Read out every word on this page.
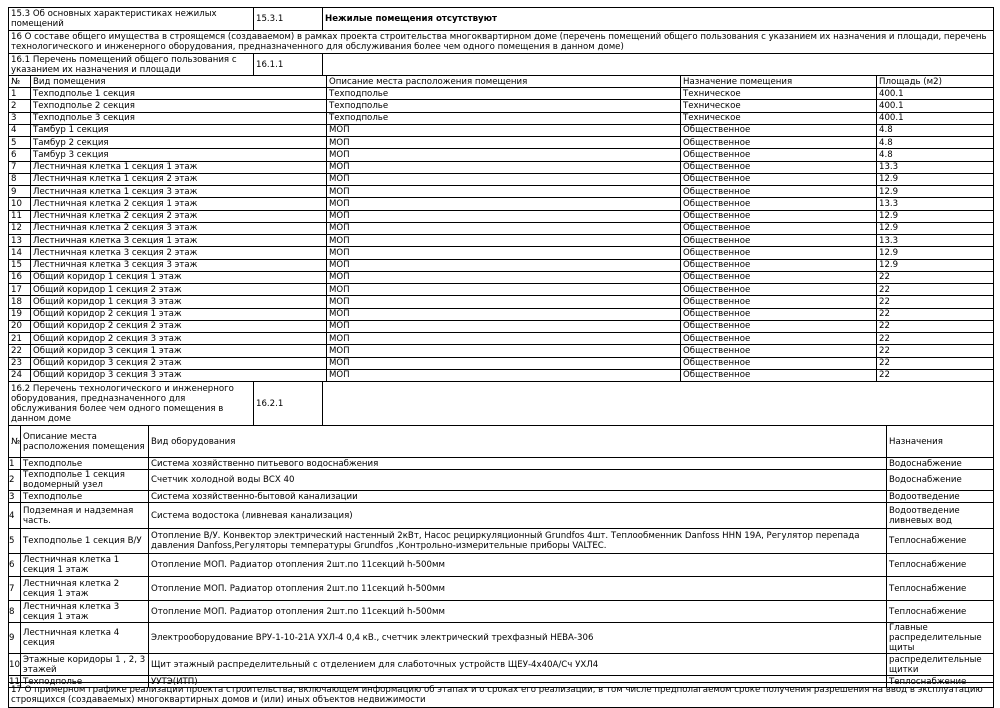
15.3 Об основных характеристиках нежилых помещений	15.3.1	Нежилые помещения отсутствуют
16 О составе общего имущества в строящемся (создаваемом) в рамках проекта строительства многоквартирном доме (перечень помещений общего пользования с указанием их назначения и площади, перечень технологического и инженерного оборудования, предназначенного для обслуживания более чем одного помещения в данном доме)		
16.1 Перечень помещений общего пользования с указанием их назначения и площади	16.1.1	
№	Вид помещения	Описание места расположения помещения	Назначение помещения	Площадь (м2)
1	Техподполье 1 секция	Техподполье	Техническое	400.1
2	Техподполье 2 секция	Техподполье	Техническое	400.1
3	Техподполье 3 секция	Техподполье	Техническое	400.1
4	Тамбур 1 секция	МОП	Общественное	4.8
5	Тамбур 2 секция	МОП	Общественное	4.8
6	Тамбур 3 секция	МОП	Общественное	4.8
7	Лестничная клетка 1 секция 1 этаж	МОП	Общественное	13.3
8	Лестничная клетка 1 секция 2 этаж	МОП	Общественное	12.9
9	Лестничная клетка 1 секция 3 этаж	МОП	Общественное	12.9
10	Лестничная клетка 2 секция 1 этаж	МОП	Общественное	13.3
11	Лестничная клетка 2 секция 2 этаж	МОП	Общественное	12.9
12	Лестничная клетка 2 секция 3 этаж	МОП	Общественное	12.9
13	Лестничная клетка 3 секция 1 этаж	МОП	Общественное	13.3
14	Лестничная клетка 3 секция 2 этаж	МОП	Общественное	12.9
15	Лестничная клетка 3 секция 3 этаж	МОП	Общественное	12.9
16	Общий коридор 1 секция 1 этаж	МОП	Общественное	22
17	Общий коридор 1 секция 2 этаж	МОП	Общественное	22
18	Общий коридор 1 секция 3 этаж	МОП	Общественное	22
19	Общий коридор 2 секция 1 этаж	МОП	Общественное	22
20	Общий коридор 2 секция 2 этаж	МОП	Общественное	22
21	Общий коридор 2 секция 3 этаж	МОП	Общественное	22
22	Общий коридор 3 секция 1 этаж	МОП	Общественное	22
23	Общий коридор 3 секция 2 этаж	МОП	Общественное	22
24	Общий коридор 3 секция 3 этаж	МОП	Общественное	22
16.2 Перечень технологического и инженерного оборудования, предназначенного для обслуживания более чем одного помещения в данном доме	16.2.1	
№	Описание места расположения помещения	Вид оборудования	Назначения
1	Техподполье	Система хозяйственно питьевого водоснабжения	Водоснабжение
2	Техподполье 1 секция водомерный узел	Счетчик холодной воды ВСХ 40	Водоснабжение
3	Техподполье	Система хозяйственно-бытовой канализации	Водоотведение
4	Подземная и надземная часть.	Система водостока (ливневая канализация)	Водоотведение ливневых вод
5	Техподполье 1 секция В/У	Отопление В/У. Конвектор электрический настенный 2кВт, Насос рециркуляционный Grundfos 4шт. Теплообменник Danfoss HHN 19A, Регулятор перепада давления Danfoss,Регуляторы температуры Grundfos ,Контрольно-измерительные приборы VALTEC.	Теплоснабжение
6	Лестничная клетка 1 секция 1 этаж	Отопление МОП. Радиатор отопления 2шт.по 11секций h-500мм	Теплоснабжение
7	Лестничная клетка 2 секция 1 этаж	Отопление МОП. Радиатор отопления 2шт.по 11секций h-500мм	Теплоснабжение
8	Лестничная клетка 3 секция 1 этаж	Отопление МОП. Радиатор отопления 2шт.по 11секций h-500мм	Теплоснабжение
9	Лестничная клетка 4 секция	Электрооборудование ВРУ-1-10-21А УХЛ-4 0,4 кВ., счетчик электрический трехфазный НЕВА-306	Главные распределительные щиты
10	Этажные коридоры 1 , 2, 3 этажей	Щит этажный распределительный с отделением для слаботочных устройств ЩЕУ-4х40А/Сч УХЛ4	распределительные щитки
11	Техподполье	УУТЭ(ИТП)	Теплоснабжение
17 О примерном графике реализации проекта строительства, включающем информацию об этапах и о сроках его реализации, в том числе предполагаемом сроке получения разрешения на ввод в эксплуатацию строящихся (создаваемых) многоквартирных домов и (или) иных объектов недвижимости
